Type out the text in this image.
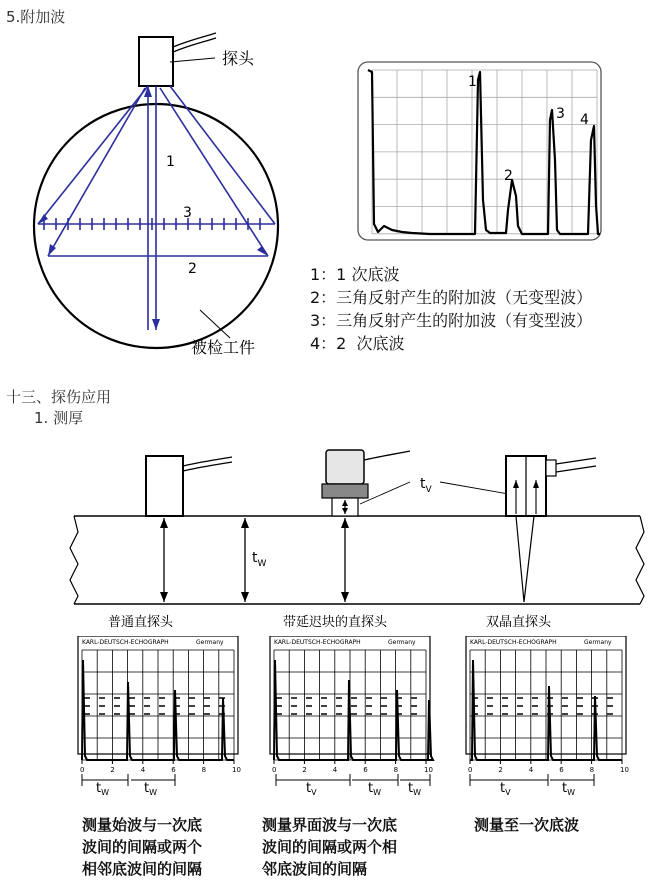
5.附加波
探头
1
3
2
被检工件
1
2
3 4
1：1 次底波
2：三角反射产生的附加波（无变型波）
3：三角反射产生的附加波（有变型波）
4：2  次底波
十三、探伤应用
1. 测厚
$t_W$
$t_V$
普通直探头	带延迟块的直探头	双晶直探头
KARL-DEUTSCH-ECHOGRAPH	Germany
0	2	4	6	8	10
KARL-DEUTSCH-ECHOGRAPH	Germany
0	2	4	6	8	10
KARL-DEUTSCH-ECHOGRAPH	Germany
0	2	4	6	8	10
$t_W$	$t_W$	$t_V$	$t_W$ $t_W$	$t_V$	$t_W$
测量始波与一次底
波间的间隔或两个
相邻底波间的间隔
测量界面波与一次底
波间的间隔或两个相
邻底波间的间隔
测量至一次底波
